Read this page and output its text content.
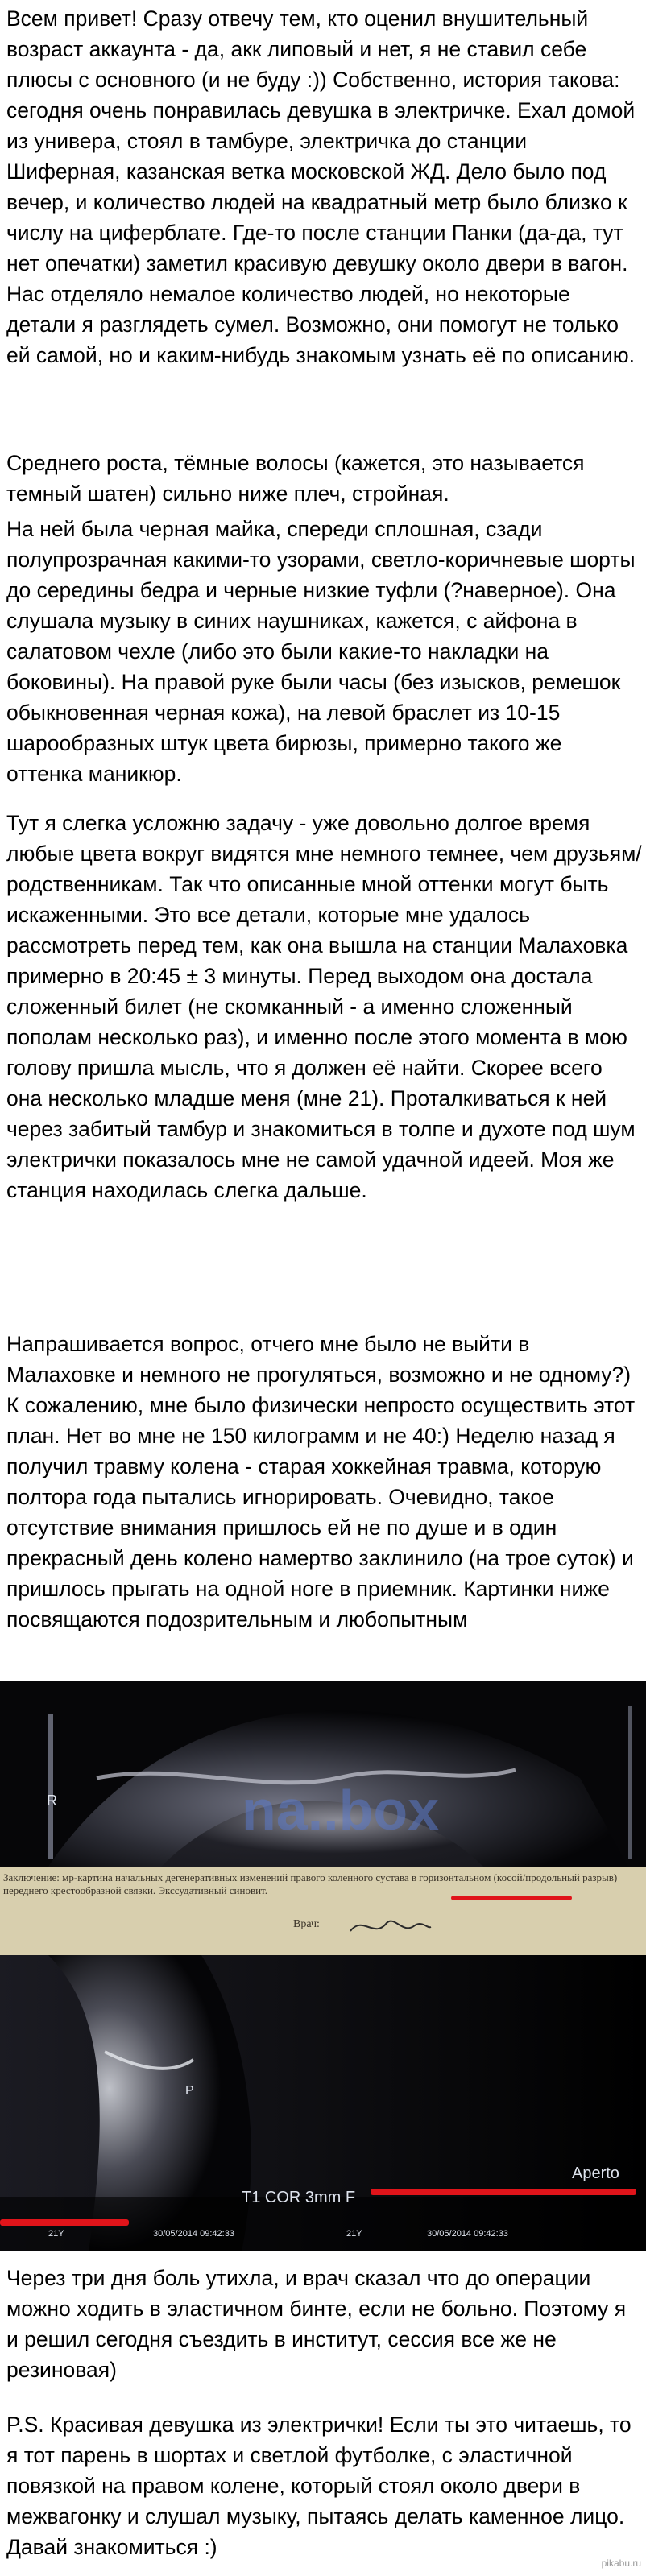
Всем привет! Сразу отвечу тем, кто оценил внушительный возраст аккаунта - да, акк липовый и нет, я не ставил себе плюсы с основного (и не буду :)) Собственно, история такова: сегодня очень понравилась девушка в электричке. Ехал домой из универа, стоял в тамбуре, электричка до станции Шиферная, казанская ветка московской ЖД. Дело было под вечер, и количество людей на квадратный метр было близко к числу на циферблате. Где-то после станции Панки (да-да, тут нет опечатки) заметил красивую девушку около двери в вагон. Нас отделяло немалое количество людей, но некоторые детали я разглядеть сумел. Возможно, они помогут не только ей самой, но и каким-нибудь знакомым узнать её по описанию.

Среднего роста, тёмные волосы (кажется, это называется темный шатен) сильно ниже плеч, стройная.

На ней была черная майка, спереди сплошная, сзади полупрозрачная какими-то узорами, светло-коричневые шорты до середины бедра и черные низкие туфли (?наверное). Она слушала музыку в синих наушниках, кажется, с айфона в салатовом чехле (либо это были какие-то накладки на боковины). На правой руке были часы (без изысков, ремешок обыкновенная черная кожа), на левой браслет из 10-15 шарообразных штук цвета бирюзы, примерно такого же оттенка маникюр.

Тут я слегка усложню задачу - уже довольно долгое время любые цвета вокруг видятся мне немного темнее, чем друзьям/родственникам. Так что описанные мной оттенки могут быть искаженными. Это все детали, которые мне удалось рассмотреть перед тем, как она вышла на станции Малаховка примерно в 20:45 ± 3 минуты. Перед выходом она достала сложенный билет (не скомканный - а именно сложенный пополам несколько раз), и именно после этого момента в мою голову пришла мысль, что я должен её найти. Скорее всего она несколько младше меня (мне 21). Проталкиваться к ней через забитый тамбур и знакомиться в толпе и духоте под шум электрички показалось мне не самой удачной идеей. Моя же станция находилась слегка дальше.

Напрашивается вопрос, отчего мне было не выйти в Малаховке и немного не прогуляться, возможно и не одному?) К сожалению, мне было физически непросто осуществить этот план. Нет во мне не 150 килограмм и не 40:) Неделю назад я получил травму колена - старая хоккейная травма, которую полтора года пытались игнорировать. Очевидно, такое отсутствие внимания пришлось ей не по душе и в один прекрасный день колено намертво заклинило (на трое суток) и пришлось прыгать на одной ноге в приемник. Картинки ниже посвящаются подозрительным и любопытным

na..box
R
Заключение: мр-картина начальных дегенеративных изменений правого коленного сустава в горизонтальном (косой/продольный разрыв) переднего крестообразной связки. Экссудативный синовит.
Врач:
P
Aperto
T1 COR 3mm F
21Y	30/05/2014 09:42:33	21Y	30/05/2014 09:42:33

Через три дня боль утихла, и врач сказал что до операции можно ходить в эластичном бинте, если не больно. Поэтому я и решил сегодня съездить в институт, сессия все же не резиновая)

P.S. Красивая девушка из электрички! Если ты это читаешь, то я тот парень в шортах и светлой футболке, с эластичной повязкой на правом колене, который стоял около двери в межвагонку и слушал музыку, пытаясь делать каменное лицо. Давай знакомиться :)

pikabu.ru
